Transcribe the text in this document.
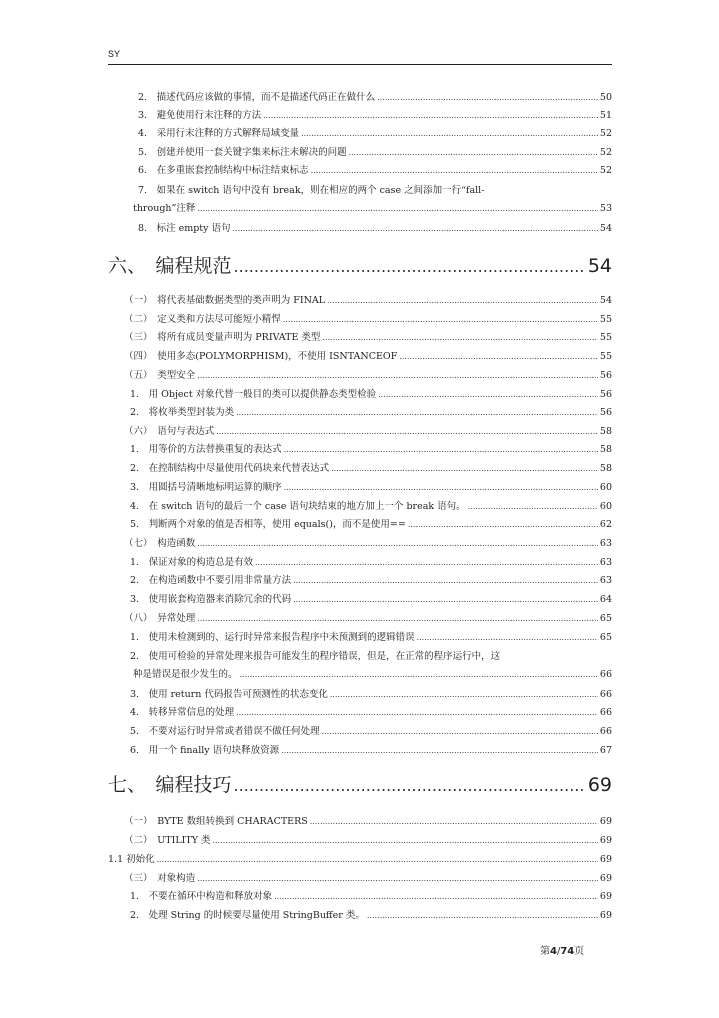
SY
2.　描述代码应该做的事情，而不是描述代码正在做什么 .....	50
3.　避免使用行末注释的方法 .....	51
4.　采用行末注释的方式解释局域变量 .....	52
5.　创建并使用一套关键字集来标注未解决的问题 .....	52
6.　在多重嵌套控制结构中标注结束标志 .....	52
7.　如果在 switch 语句中没有 break，则在相应的两个 case 之间添加一行“fall-
through”注释 .....	53
8.　标注 empty 语句 .....	54
六、　编程规范 .....	54
（一）　将代表基础数据类型的类声明为 FINAL .....	54
（二）　定义类和方法尽可能短小精悍 .....	55
（三）　将所有成员变量声明为 PRIVATE 类型 .....	55
（四）　使用多态(POLYMORPHISM)，不使用 ISNTANCEOF .....	55
（五）　类型安全 .....	56
1.　用 Object 对象代替一般目的类可以提供静态类型检验 .....	56
2.　将枚举类型封装为类 .....	56
（六）　语句与表达式 .....	58
1.　用等价的方法替换重复的表达式 .....	58
2.　在控制结构中尽量使用代码块来代替表达式 .....	58
3.　用圆括号清晰地标明运算的顺序 .....	60
4.　在 switch 语句的最后一个 case 语句块结束的地方加上一个 break 语句。 .....	60
5.　判断两个对象的值是否相等，使用 equals()，而不是使用== .....	62
（七）　构造函数 .....	63
1.　保证对象的构造总是有效 .....	63
2.　在构造函数中不要引用非常量方法 .....	63
3.　使用嵌套构造器来消除冗余的代码 .....	64
（八）　异常处理 .....	65
1.　使用未检测到的、运行时异常来报告程序中未预测到的逻辑错误 .....	65
2.　使用可检验的异常处理来报告可能发生的程序错误，但是，在正常的程序运行中，这
种是错误是很少发生的。 .....	66
3.　使用 return 代码报告可预测性的状态变化 .....	66
4.　转移异常信息的处理 .....	66
5.　不要对运行时异常或者错误不做任何处理 .....	66
6.　用一个 finally 语句块释放资源 .....	67
七、　编程技巧 .....	69
（一）　BYTE 数组转换到 CHARACTERS .....	69
（二）　UTILITY 类 .....	69
1.1 初始化 .....	69
（三）　对象构造 .....	69
1.　不要在循环中构造和释放对象 .....	69
2.　处理 String 的时候要尽量使用 StringBuffer 类。 .....	69
第4/74页
